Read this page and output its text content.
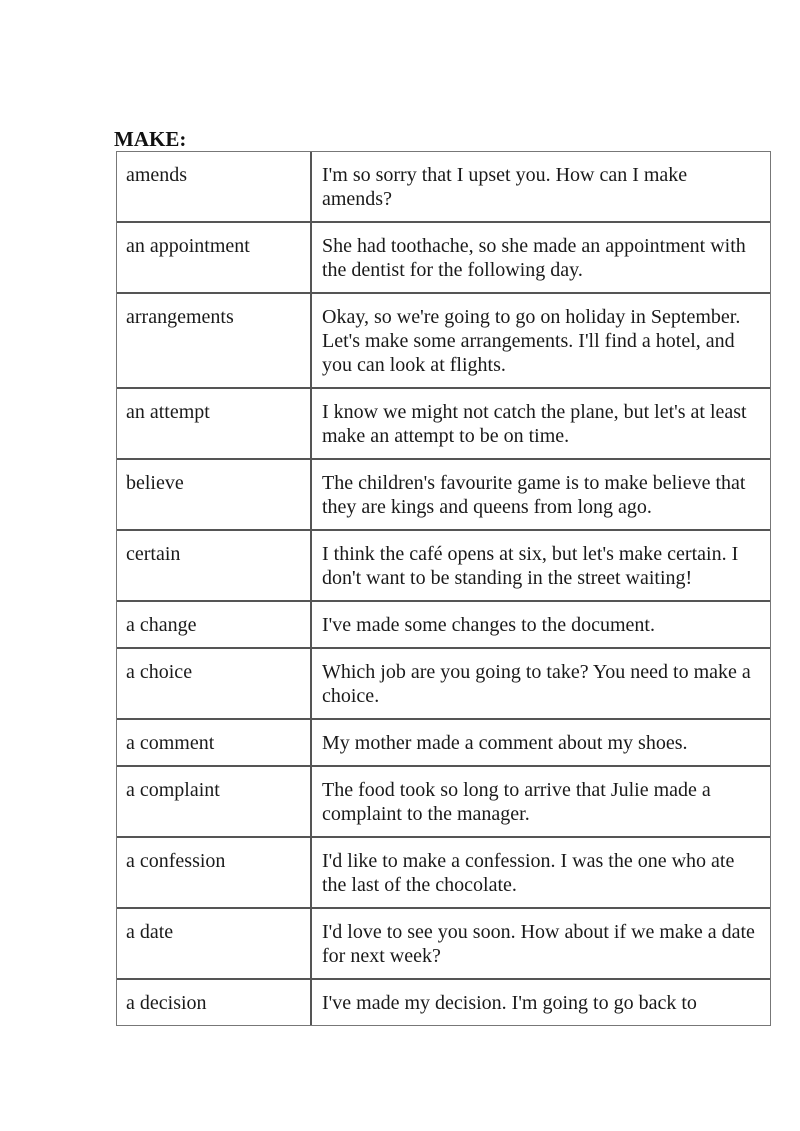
MAKE:
amends	I'm so sorry that I upset you. How can I make amends?
an appointment	She had toothache, so she made an appointment with the dentist for the following day.
arrangements	Okay, so we're going to go on holiday in September. Let's make some arrangements. I'll find a hotel, and you can look at flights.
an attempt	I know we might not catch the plane, but let's at least make an attempt to be on time.
believe	The children's favourite game is to make believe that they are kings and queens from long ago.
certain	I think the café opens at six, but let's make certain. I don't want to be standing in the street waiting!
a change	I've made some changes to the document.
a choice	Which job are you going to take? You need to make a choice.
a comment	My mother made a comment about my shoes.
a complaint	The food took so long to arrive that Julie made a complaint to the manager.
a confession	I'd like to make a confession. I was the one who ate the last of the chocolate.
a date	I'd love to see you soon. How about if we make a date for next week?
a decision	I've made my decision. I'm going to go back to
